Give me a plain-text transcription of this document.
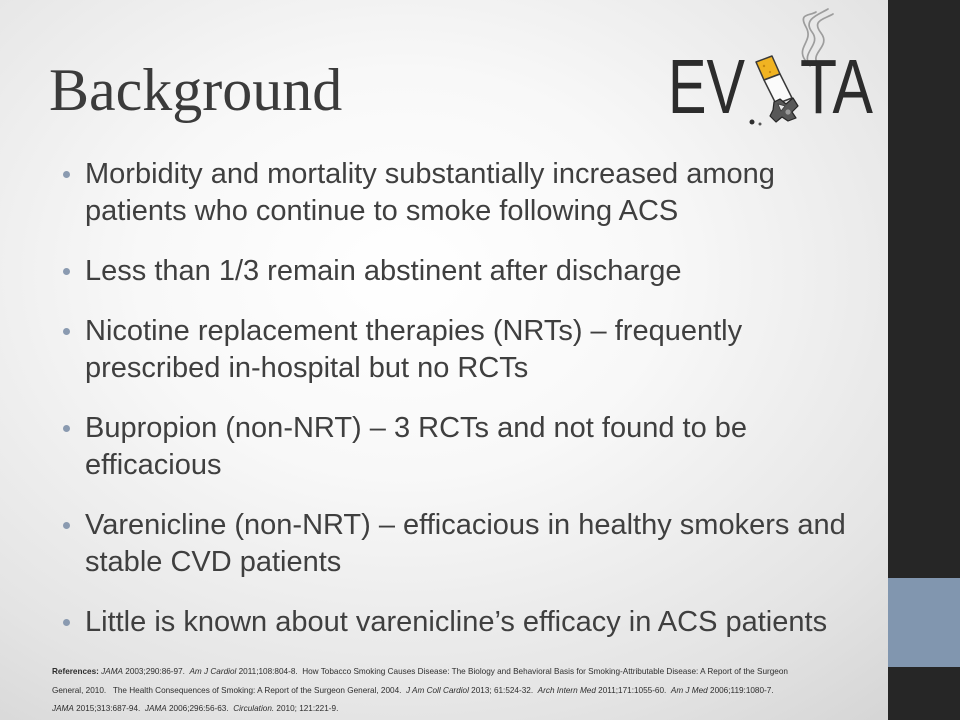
Background	EV TA
Morbidity and mortality substantially increased among
patients who continue to smoke following ACS
Less than 1/3 remain abstinent after discharge
Nicotine replacement therapies (NRTs) – frequently
prescribed in-hospital but no RCTs
Bupropion (non-NRT) – 3 RCTs and not found to be
efficacious
Varenicline (non-NRT) – efficacious in healthy smokers and
stable CVD patients
Little is known about varenicline’s efficacy in ACS patients
References:  JAMA  2003;290:86-97.   Am J Cardiol  2011;108:804-8.  How Tobacco Smoking Causes Disease: The Biology and Behavioral Basis for Smoking-Attributable Disease: A Report of the Surgeon
General, 2010.   The Health Consequences of Smoking: A Report of the Surgeon General, 2004.   J Am Coll Cardiol  2013; 61:524-32.   Arch Intern Med  2011;171:1055-60.   Am J Med  2006;119:1080-7.
JAMA  2015;313:687-94.   JAMA  2006;296:56-63.   Circulation.  2010; 121:221-9.
